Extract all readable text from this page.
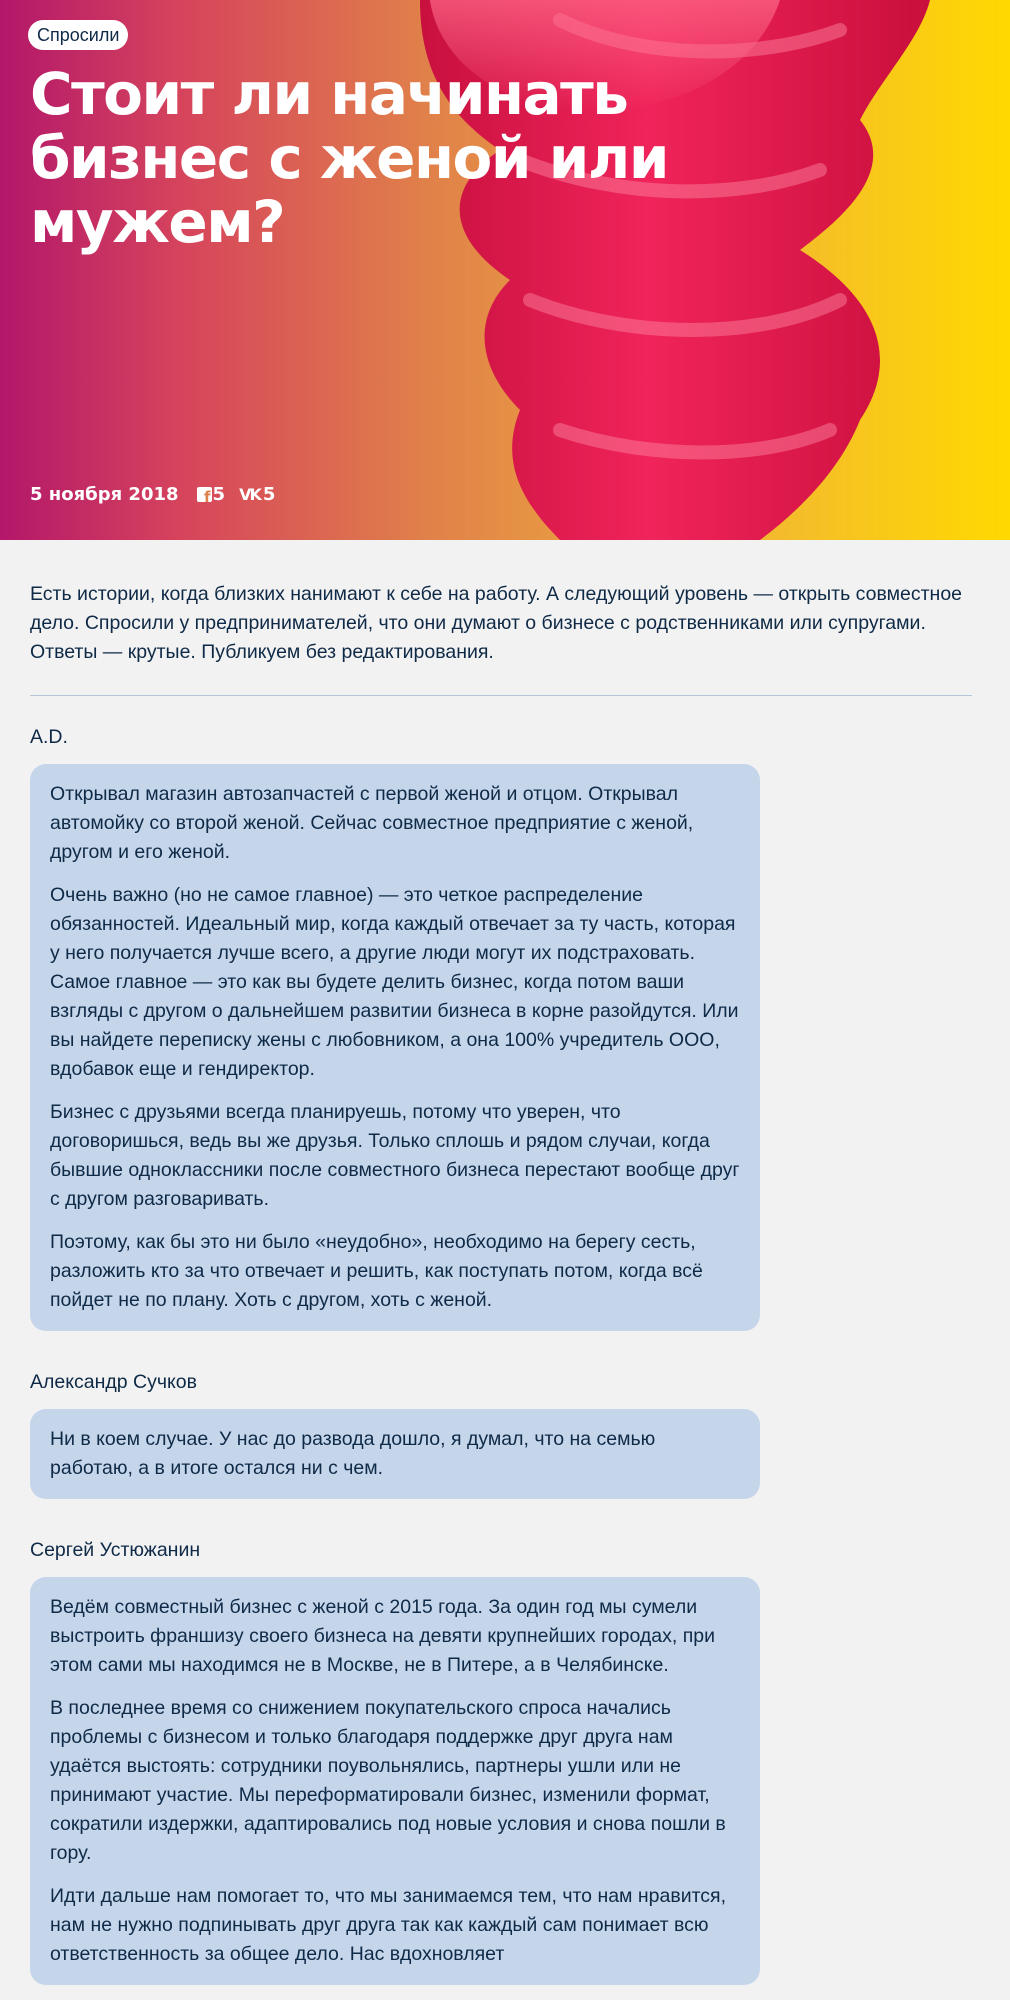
Спросили
Стоит ли начинать бизнес с женой или мужем?
5 ноября 2018
f 5 VK 5

Есть истории, когда близких нанимают к себе на работу. А следующий уровень — открыть совместное дело. Спросили у предпринимателей, что они думают о бизнесе с родственниками или супругами. Ответы — крутые. Публикуем без редактирования.

A.D.

Открывал магазин автозапчастей с первой женой и отцом. Открывал автомойку со второй женой. Сейчас совместное предприятие с женой, другом и его женой.

Очень важно (но не самое главное) — это четкое распределение обязанностей. Идеальный мир, когда каждый отвечает за ту часть, которая у него получается лучше всего, а другие люди могут их подстраховать. Самое главное — это как вы будете делить бизнес, когда потом ваши взгляды с другом о дальнейшем развитии бизнеса в корне разойдутся. Или вы найдете переписку жены с любовником, а она 100% учредитель ООО, вдобавок еще и гендиректор.

Бизнес с друзьями всегда планируешь, потому что уверен, что договоришься, ведь вы же друзья. Только сплошь и рядом случаи, когда бывшие одноклассники после совместного бизнеса перестают вообще друг с другом разговаривать.

Поэтому, как бы это ни было «неудобно», необходимо на берегу сесть, разложить кто за что отвечает и решить, как поступать потом, когда всё пойдет не по плану. Хоть с другом, хоть с женой.

Александр Сучков

Ни в коем случае. У нас до развода дошло, я думал, что на семью работаю, а в итоге остался ни с чем.

Сергей Устюжанин

Ведём совместный бизнес с женой с 2015 года. За один год мы сумели выстроить франшизу своего бизнеса на девяти крупнейших городах, при этом сами мы находимся не в Москве, не в Питере, а в Челябинске.

В последнее время со снижением покупательского спроса начались проблемы с бизнесом и только благодаря поддержке друг друга нам удаётся выстоять: сотрудники поувольнялись, партнеры ушли или не принимают участие. Мы переформатировали бизнес, изменили формат, сократили издержки, адаптировались под новые условия и снова пошли в гору.

Идти дальше нам помогает то, что мы занимаемся тем, что нам нравится, нам не нужно подпинывать друг друга так как каждый сам понимает всю ответственность за общее дело. Нас вдохновляет
